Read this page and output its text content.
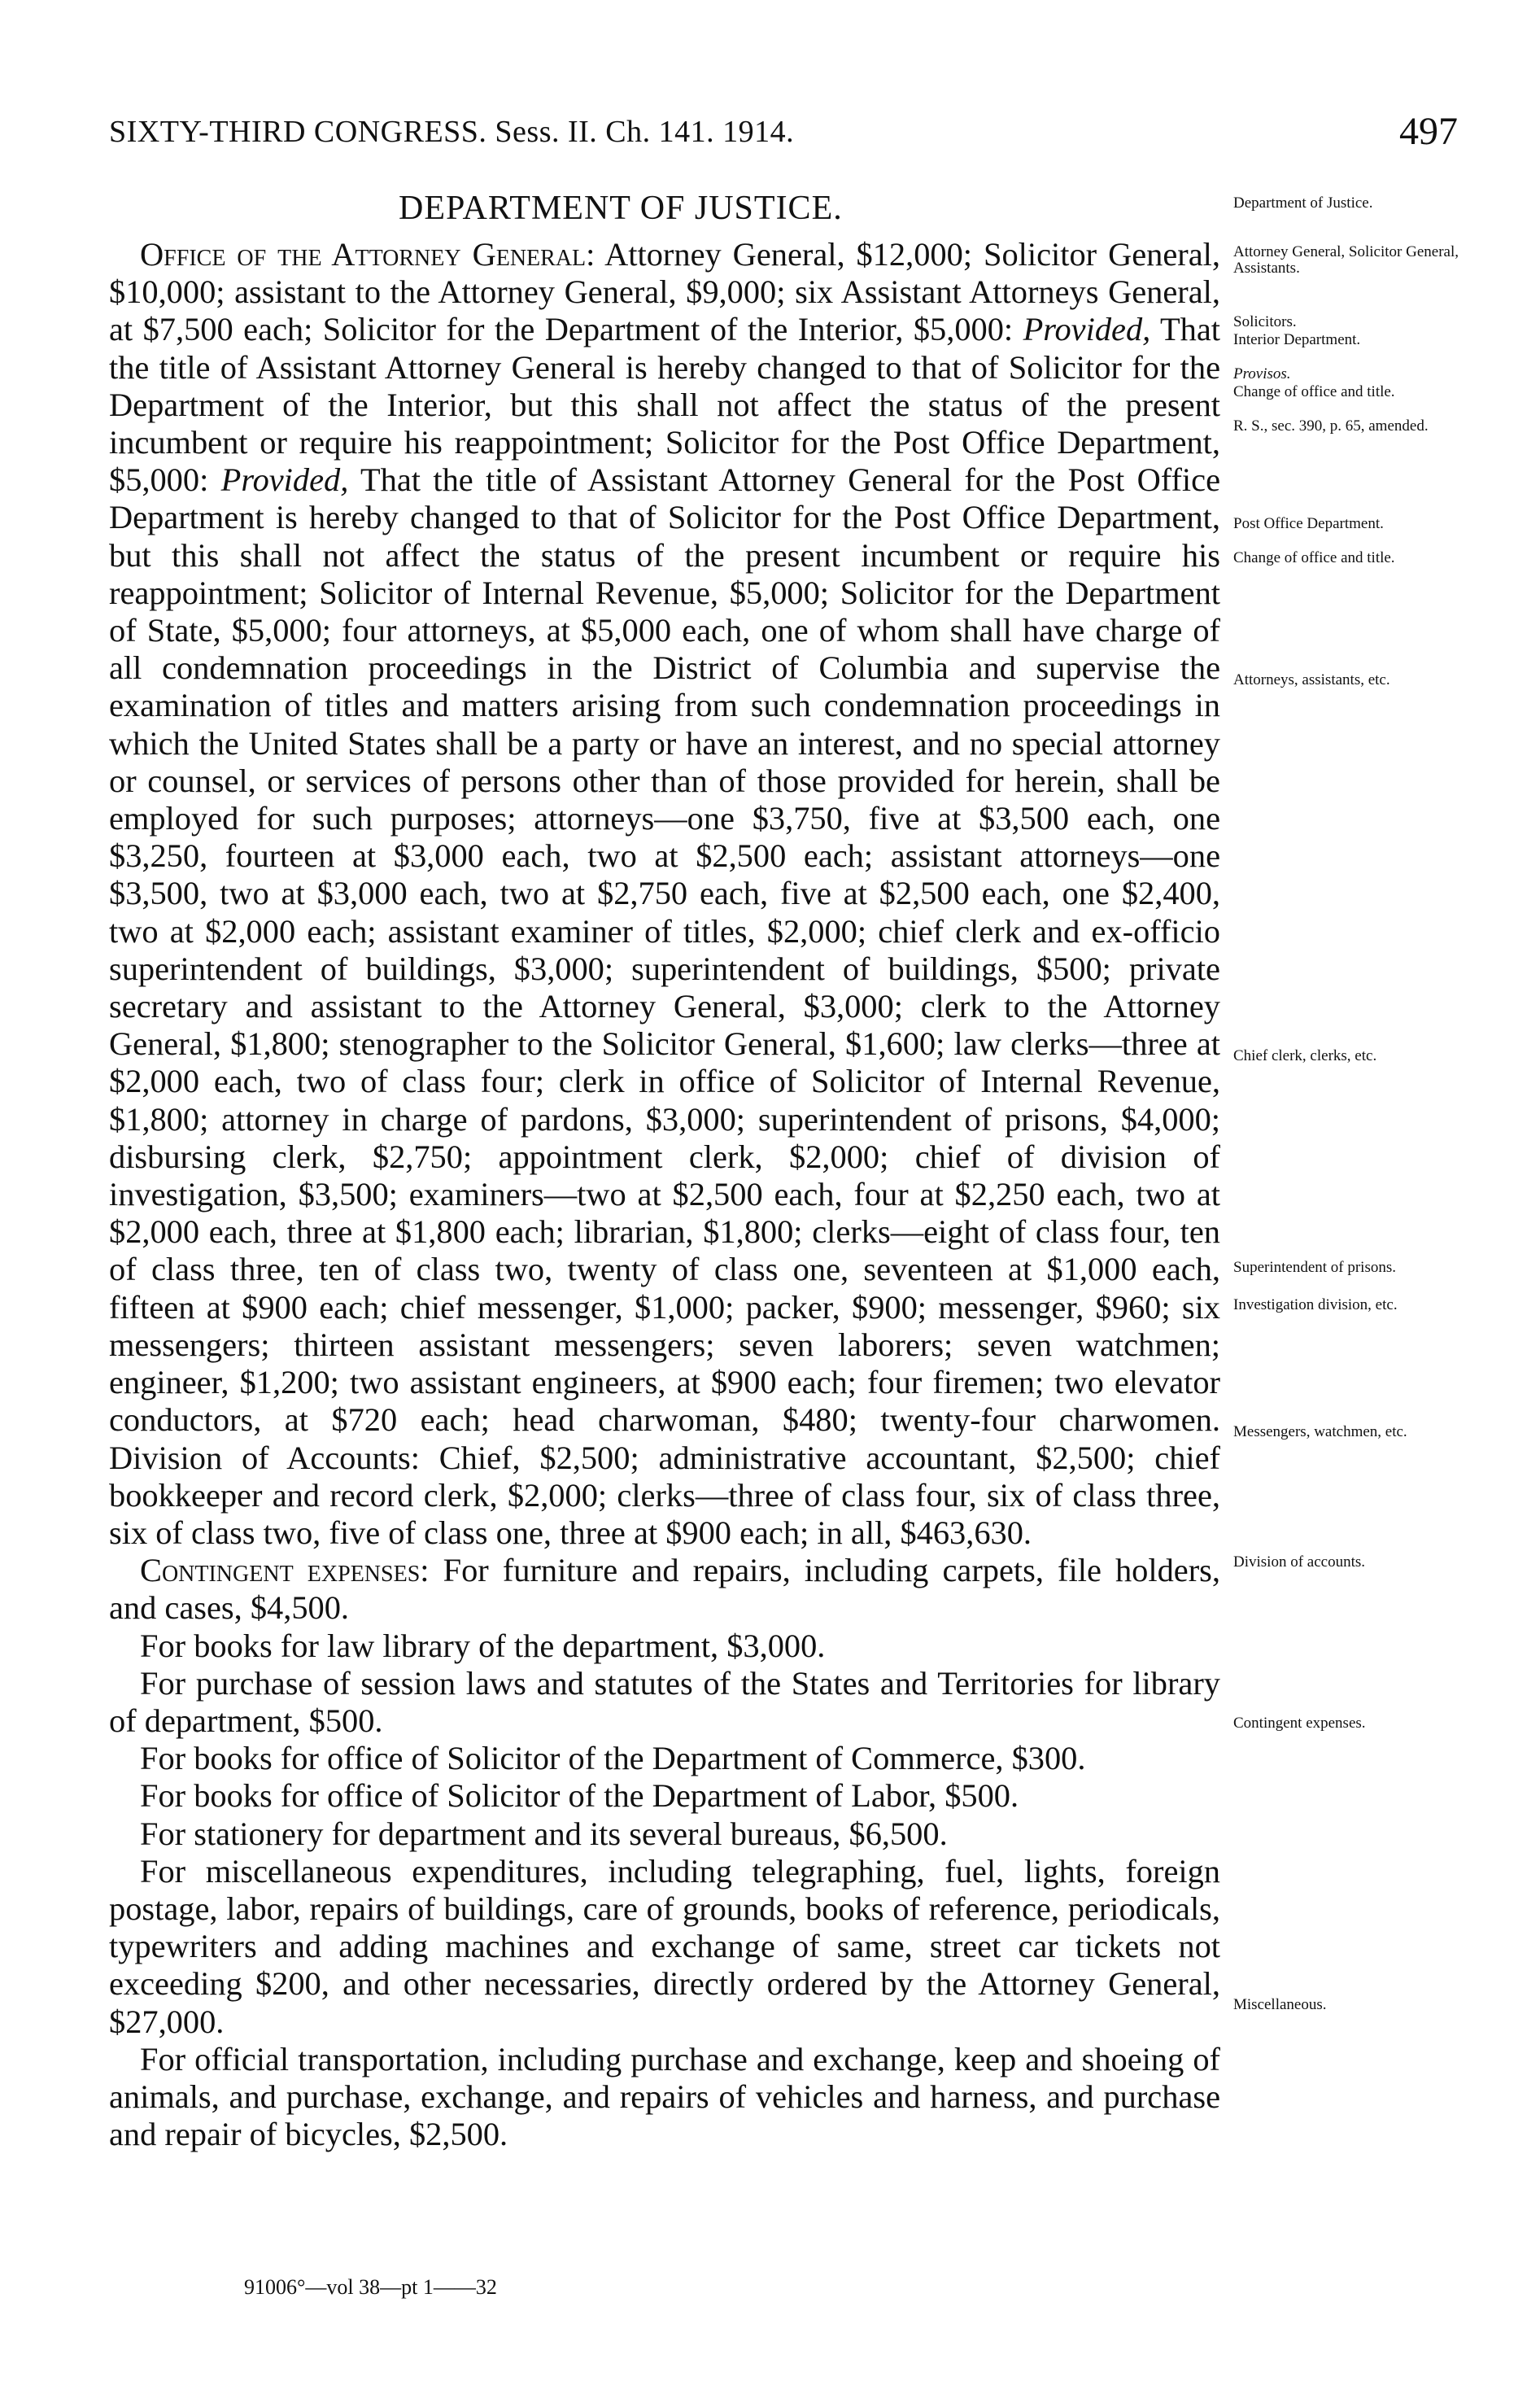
SIXTY-THIRD CONGRESS. Sess. II. Ch. 141. 1914.	497
DEPARTMENT OF JUSTICE.

Office of the Attorney General: Attorney General, $12,000; Solicitor General, $10,000; assistant to the Attorney General, $9,000; six Assistant Attorneys General, at $7,500 each; Solicitor for the Department of the Interior, $5,000: Provided, That the title of Assistant Attorney General is hereby changed to that of Solicitor for the Department of the Interior, but this shall not affect the status of the present incumbent or require his reappointment; Solicitor for the Post Office Department, $5,000: Provided, That the title of Assistant Attorney General for the Post Office Department is hereby changed to that of Solicitor for the Post Office Department, but this shall not affect the status of the present incumbent or require his reappointment; Solicitor of Internal Revenue, $5,000; Solicitor for the Department of State, $5,000; four attorneys, at $5,000 each, one of whom shall have charge of all condemnation proceedings in the District of Columbia and supervise the examination of titles and matters arising from such condemnation proceedings in which the United States shall be a party or have an interest, and no special attorney or counsel, or services of persons other than of those provided for herein, shall be employed for such purposes; attorneys—one $3,750, five at $3,500 each, one $3,250, fourteen at $3,000 each, two at $2,500 each; assistant attorneys—one $3,500, two at $3,000 each, two at $2,750 each, five at $2,500 each, one $2,400, two at $2,000 each; assistant examiner of titles, $2,000; chief clerk and ex-officio superintendent of buildings, $3,000; superintendent of buildings, $500; private secretary and assistant to the Attorney General, $3,000; clerk to the Attorney General, $1,800; stenographer to the Solicitor General, $1,600; law clerks—three at $2,000 each, two of class four; clerk in office of Solicitor of Internal Revenue, $1,800; attorney in charge of pardons, $3,000; superintendent of prisons, $4,000; disbursing clerk, $2,750; appointment clerk, $2,000; chief of division of investigation, $3,500; examiners—two at $2,500 each, four at $2,250 each, two at $2,000 each, three at $1,800 each; librarian, $1,800; clerks—eight of class four, ten of class three, ten of class two, twenty of class one, seventeen at $1,000 each, fifteen at $900 each; chief messenger, $1,000; packer, $900; messenger, $960; six messengers; thirteen assistant messengers; seven laborers; seven watchmen; engineer, $1,200; two assistant engineers, at $900 each; four firemen; two elevator conductors, at $720 each; head charwoman, $480; twenty-four charwomen. Division of Accounts: Chief, $2,500; administrative accountant, $2,500; chief bookkeeper and record clerk, $2,000; clerks—three of class four, six of class three, six of class two, five of class one, three at $900 each; in all, $463,630.

Contingent expenses: For furniture and repairs, including carpets, file holders, and cases, $4,500.

For books for law library of the department, $3,000.

For purchase of session laws and statutes of the States and Territories for library of department, $500.

For books for office of Solicitor of the Department of Commerce, $300.

For books for office of Solicitor of the Department of Labor, $500.

For stationery for department and its several bureaus, $6,500.

For miscellaneous expenditures, including telegraphing, fuel, lights, foreign postage, labor, repairs of buildings, care of grounds, books of reference, periodicals, typewriters and adding machines and exchange of same, street car tickets not exceeding $200, and other necessaries, directly ordered by the Attorney General, $27,000.

For official transportation, including purchase and exchange, keep and shoeing of animals, and purchase, exchange, and repairs of vehicles and harness, and purchase and repair of bicycles, $2,500.

Department of Justice.
Attorney General, Solicitor General, Assistants.
Solicitors.
Interior Department.
Provisos.
Change of office and title.
R. S., sec. 390, p. 65, amended.
Post Office Department.
Change of office and title.
Attorneys, assistants, etc.
Chief clerk, clerks, etc.
Superintendent of prisons.
Investigation division, etc.
Messengers, watchmen, etc.
Division of accounts.
Contingent expenses.
Miscellaneous.
91006°—vol 38—pt 1——32
